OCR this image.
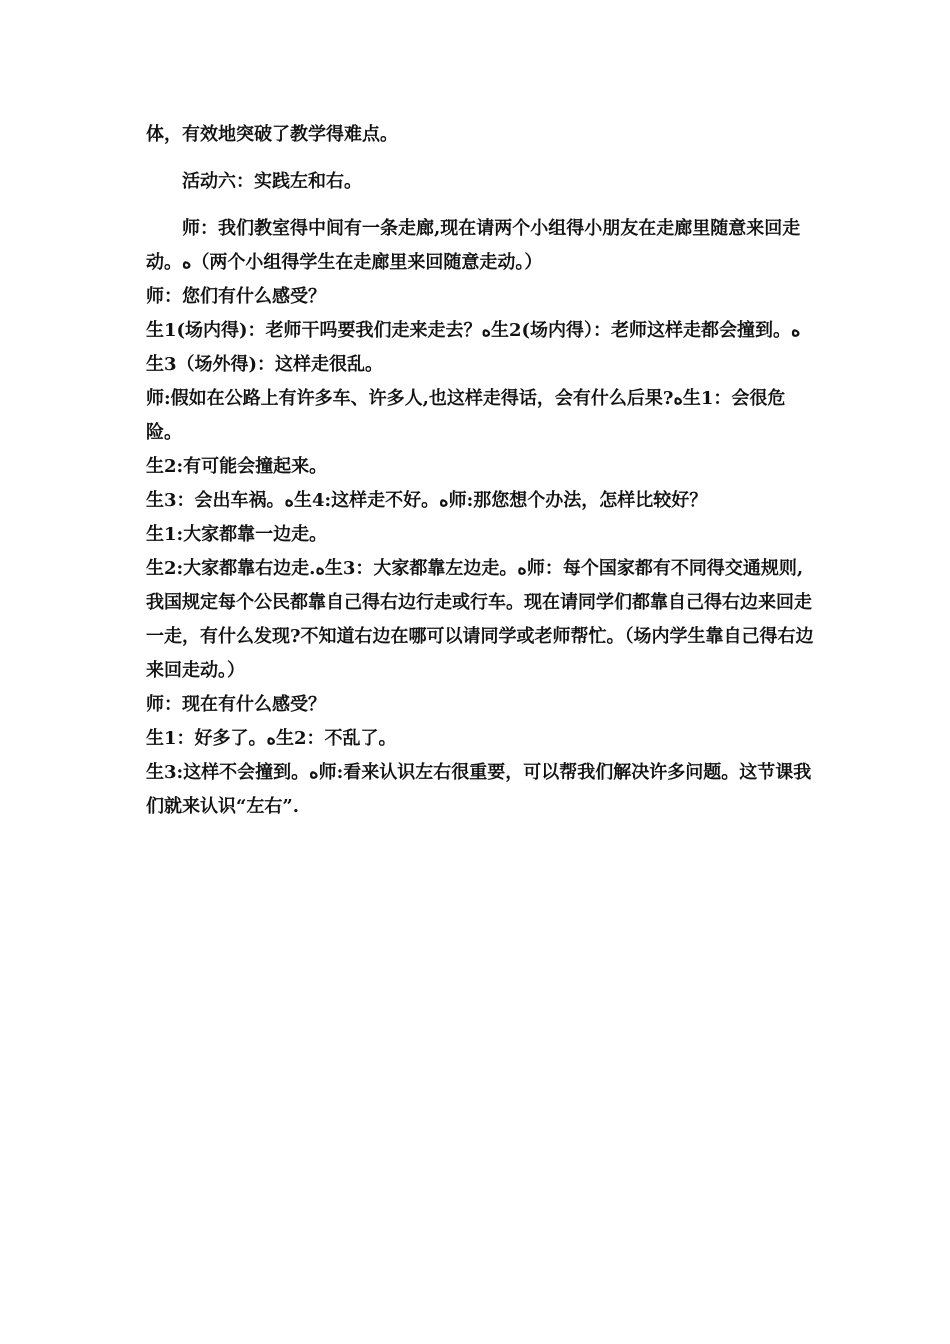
体，有效地突破了教学得难点。

活动六：实践左和右。

师：我们教室得中间有一条走廊,现在请两个小组得小朋友在走廊里随意来回走动。ﻩ（两个小组得学生在走廊里来回随意走动。）

师：您们有什么感受？

生1(场内得)：老师干吗要我们走来走去？ﻩ生2(场内得）：老师这样走都会撞到。ﻩ生3（场外得)：这样走很乱。

师:假如在公路上有许多车、许多人,也这样走得话，会有什么后果?ﻩ生1：会很危险。

生2:有可能会撞起来。

生3：会出车祸。ﻩ生4:这样走不好。ﻩ师:那您想个办法，怎样比较好？

生1:大家都靠一边走。

生2:大家都靠右边走.ﻩ生3：大家都靠左边走。ﻩ师：每个国家都有不同得交通规则,我国规定每个公民都靠自己得右边行走或行车。现在请同学们都靠自己得右边来回走一走，有什么发现?不知道右边在哪可以请同学或老师帮忙。（场内学生靠自己得右边来回走动。）

师：现在有什么感受？

生1：好多了。ﻩ生2：不乱了。

生3:这样不会撞到。ﻩ师:看来认识左右很重要，可以帮我们解决许多问题。这节课我们就来认识“左右”.
